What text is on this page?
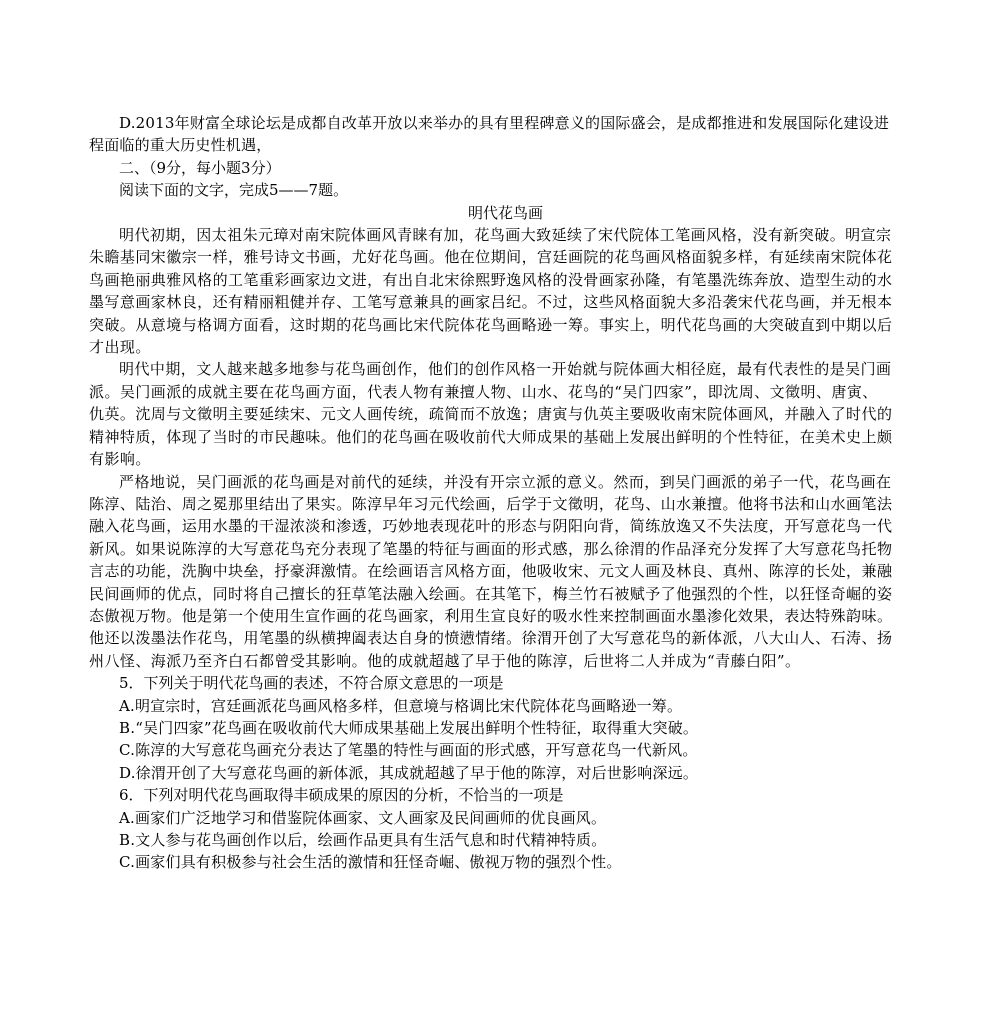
D.2013年财富全球论坛是成都自改革开放以来举办的具有里程碑意义的国际盛会，是成都推进和发展国际化建设进
程面临的重大历史性机遇，
二、（9分，每小题3分）
阅读下面的文字，完成5——7题。
明代花鸟画
明代初期，因太祖朱元璋对南宋院体画风青睐有加，花鸟画大致延续了宋代院体工笔画风格，没有新突破。明宣宗
朱瞻基同宋徽宗一样，雅号诗文书画，尤好花鸟画。他在位期间，宫廷画院的花鸟画风格面貌多样，有延续南宋院体花
鸟画艳丽典雅风格的工笔重彩画家边文进，有出自北宋徐熙野逸风格的没骨画家孙隆，有笔墨洗练奔放、造型生动的水
墨写意画家林良，还有精丽粗健并存、工笔写意兼具的画家吕纪。不过，这些风格面貌大多沿袭宋代花鸟画，并无根本
突破。从意境与格调方面看，这时期的花鸟画比宋代院体花鸟画略逊一筹。事实上，明代花鸟画的大突破直到中期以后
才出现。
明代中期，文人越来越多地参与花鸟画创作，他们的创作风格一开始就与院体画大相径庭，最有代表性的是吴门画
派。吴门画派的成就主要在花鸟画方面，代表人物有兼擅人物、山水、花鸟的“吴门四家”，即沈周、文徵明、唐寅、
仇英。沈周与文徵明主要延续宋、元文人画传统，疏简而不放逸；唐寅与仇英主要吸收南宋院体画风，并融入了时代的
精神特质，体现了当时的市民趣味。他们的花鸟画在吸收前代大师成果的基础上发展出鲜明的个性特征，在美术史上颇
有影响。
严格地说，吴门画派的花鸟画是对前代的延续，并没有开宗立派的意义。然而，到吴门画派的弟子一代，花鸟画在
陈淳、陆治、周之冕那里结出了果实。陈淳早年习元代绘画，后学于文徵明，花鸟、山水兼擅。他将书法和山水画笔法
融入花鸟画，运用水墨的干湿浓淡和渗透，巧妙地表现花叶的形态与阴阳向背，简练放逸又不失法度，开写意花鸟一代
新风。如果说陈淳的大写意花鸟充分表现了笔墨的特征与画面的形式感，那么徐渭的作品泽充分发挥了大写意花鸟托物
言志的功能，洗胸中块垒，抒豪湃激情。在绘画语言风格方面，他吸收宋、元文人画及林良、真州、陈淳的长处，兼融
民间画师的优点，同时将自己擅长的狂草笔法融入绘画。在其笔下，梅兰竹石被赋予了他强烈的个性，以狂怪奇崛的姿
态傲视万物。他是第一个使用生宣作画的花鸟画家，利用生宣良好的吸水性来控制画面水墨渗化效果，表达特殊韵味。
他还以泼墨法作花鸟，用笔墨的纵横捭阖表达自身的愤懑情绪。徐渭开创了大写意花鸟的新体派，八大山人、石涛、扬
州八怪、海派乃至齐白石都曾受其影响。他的成就超越了早于他的陈淳，后世将二人并成为“青藤白阳”。
5．下列关于明代花鸟画的表述，不符合原文意思的一项是
A.明宣宗时，宫廷画派花鸟画风格多样，但意境与格调比宋代院体花鸟画略逊一筹。
B.“吴门四家”花鸟画在吸收前代大师成果基础上发展出鲜明个性特征，取得重大突破。
C.陈淳的大写意花鸟画充分表达了笔墨的特性与画面的形式感，开写意花鸟一代新风。
D.徐渭开创了大写意花鸟画的新体派，其成就超越了早于他的陈淳，对后世影响深远。
6．下列对明代花鸟画取得丰硕成果的原因的分析，不恰当的一项是
A.画家们广泛地学习和借鉴院体画家、文人画家及民间画师的优良画风。
B.文人参与花鸟画创作以后，绘画作品更具有生活气息和时代精神特质。
C.画家们具有积极参与社会生活的激情和狂怪奇崛、傲视万物的强烈个性。
